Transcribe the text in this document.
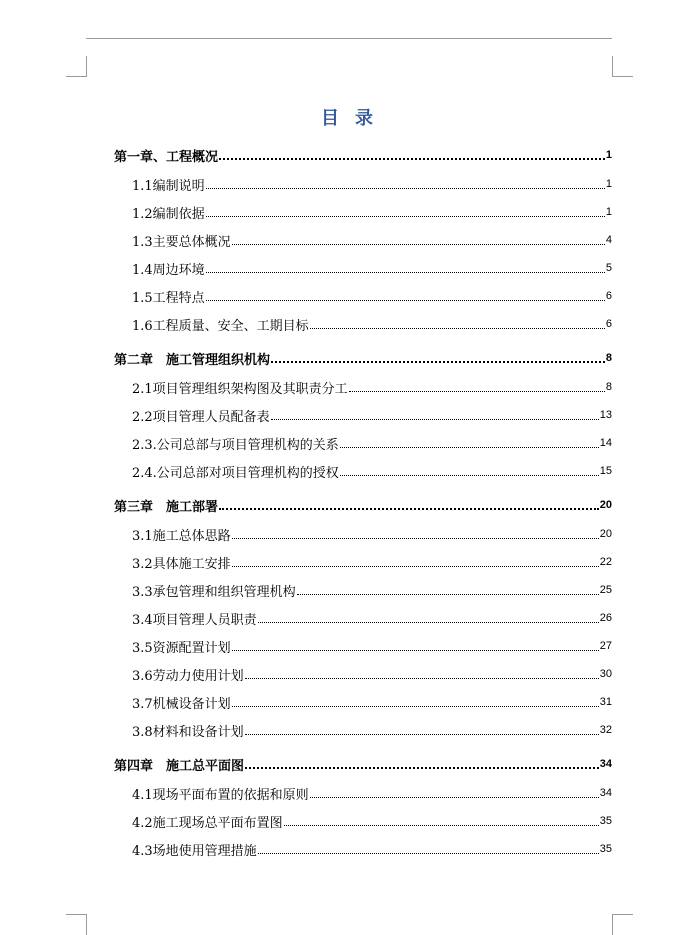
目录
第一章、工程概况	1
1.1编制说明	1
1.2编制依据	1
1.3主要总体概况	4
1.4周边环境	5
1.5工程特点	6
1.6工程质量、安全、工期目标	6
第二章　施工管理组织机构	8
2.1项目管理组织架构图及其职责分工	8
2.2项目管理人员配备表	13
2.3.公司总部与项目管理机构的关系	14
2.4.公司总部对项目管理机构的授权	15
第三章　施工部署	20
3.1施工总体思路	20
3.2具体施工安排	22
3.3承包管理和组织管理机构	25
3.4项目管理人员职责	26
3.5资源配置计划	27
3.6劳动力使用计划	30
3.7机械设备计划	31
3.8材料和设备计划	32
第四章　施工总平面图	34
4.1现场平面布置的依据和原则	34
4.2施工现场总平面布置图	35
4.3场地使用管理措施	35
